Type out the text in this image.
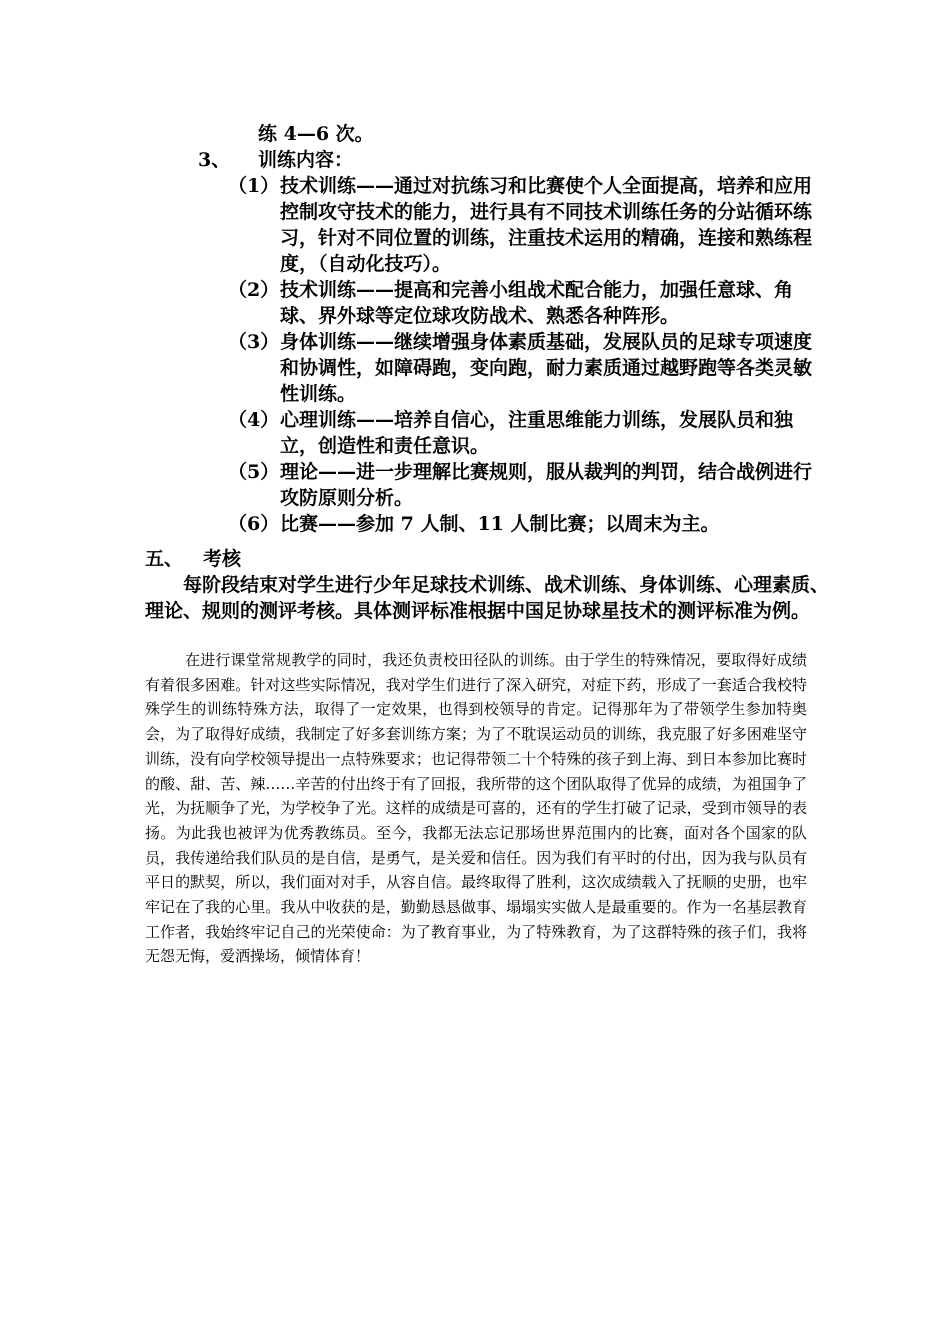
练 4—6 次。
3、 训练内容：
（1） 技术训练——通过对抗练习和比赛使个人全面提高，培养和应用控制攻守技术的能力，进行具有不同技术训练任务的分站循环练习，针对不同位置的训练，注重技术运用的精确，连接和熟练程度，（自动化技巧）。
（2） 技术训练——提高和完善小组战术配合能力，加强任意球、角球、界外球等定位球攻防战术、熟悉各种阵形。
（3） 身体训练——继续增强身体素质基础，发展队员的足球专项速度和协调性，如障碍跑，变向跑，耐力素质通过越野跑等各类灵敏性训练。
（4） 心理训练——培养自信心，注重思维能力训练，发展队员和独立，创造性和责任意识。
（5） 理论——进一步理解比赛规则，服从裁判的判罚，结合战例进行攻防原则分析。
（6） 比赛——参加 7 人制、11 人制比赛；以周末为主。
五、 考核
每阶段结束对学生进行少年足球技术训练、战术训练、身体训练、心理素质、理论、规则的测评考核。具体测评标准根据中国足协球星技术的测评标准为例。
在进行课堂常规教学的同时，我还负责校田径队的训练。由于学生的特殊情况，要取得好成绩有着很多困难。针对这些实际情况，我对学生们进行了深入研究，对症下药，形成了一套适合我校特殊学生的训练特殊方法，取得了一定效果，也得到校领导的肯定。记得那年为了带领学生参加特奥会，为了取得好成绩，我制定了好多套训练方案；为了不耽误运动员的训练，我克服了好多困难坚守训练，没有向学校领导提出一点特殊要求；也记得带领二十个特殊的孩子到上海、到日本参加比赛时的酸、甜、苦、辣……辛苦的付出终于有了回报，我所带的这个团队取得了优异的成绩，为祖国争了光，为抚顺争了光，为学校争了光。这样的成绩是可喜的，还有的学生打破了记录，受到市领导的表扬。为此我也被评为优秀教练员。至今，我都无法忘记那场世界范围内的比赛，面对各个国家的队员，我传递给我们队员的是自信，是勇气，是关爱和信任。因为我们有平时的付出，因为我与队员有平日的默契，所以，我们面对对手，从容自信。最终取得了胜利，这次成绩载入了抚顺的史册，也牢牢记在了我的心里。我从中收获的是，勤勤恳恳做事、塌塌实实做人是最重要的。作为一名基层教育工作者，我始终牢记自己的光荣使命：为了教育事业，为了特殊教育，为了这群特殊的孩子们，我将无怨无悔，爱洒操场，倾情体育！
